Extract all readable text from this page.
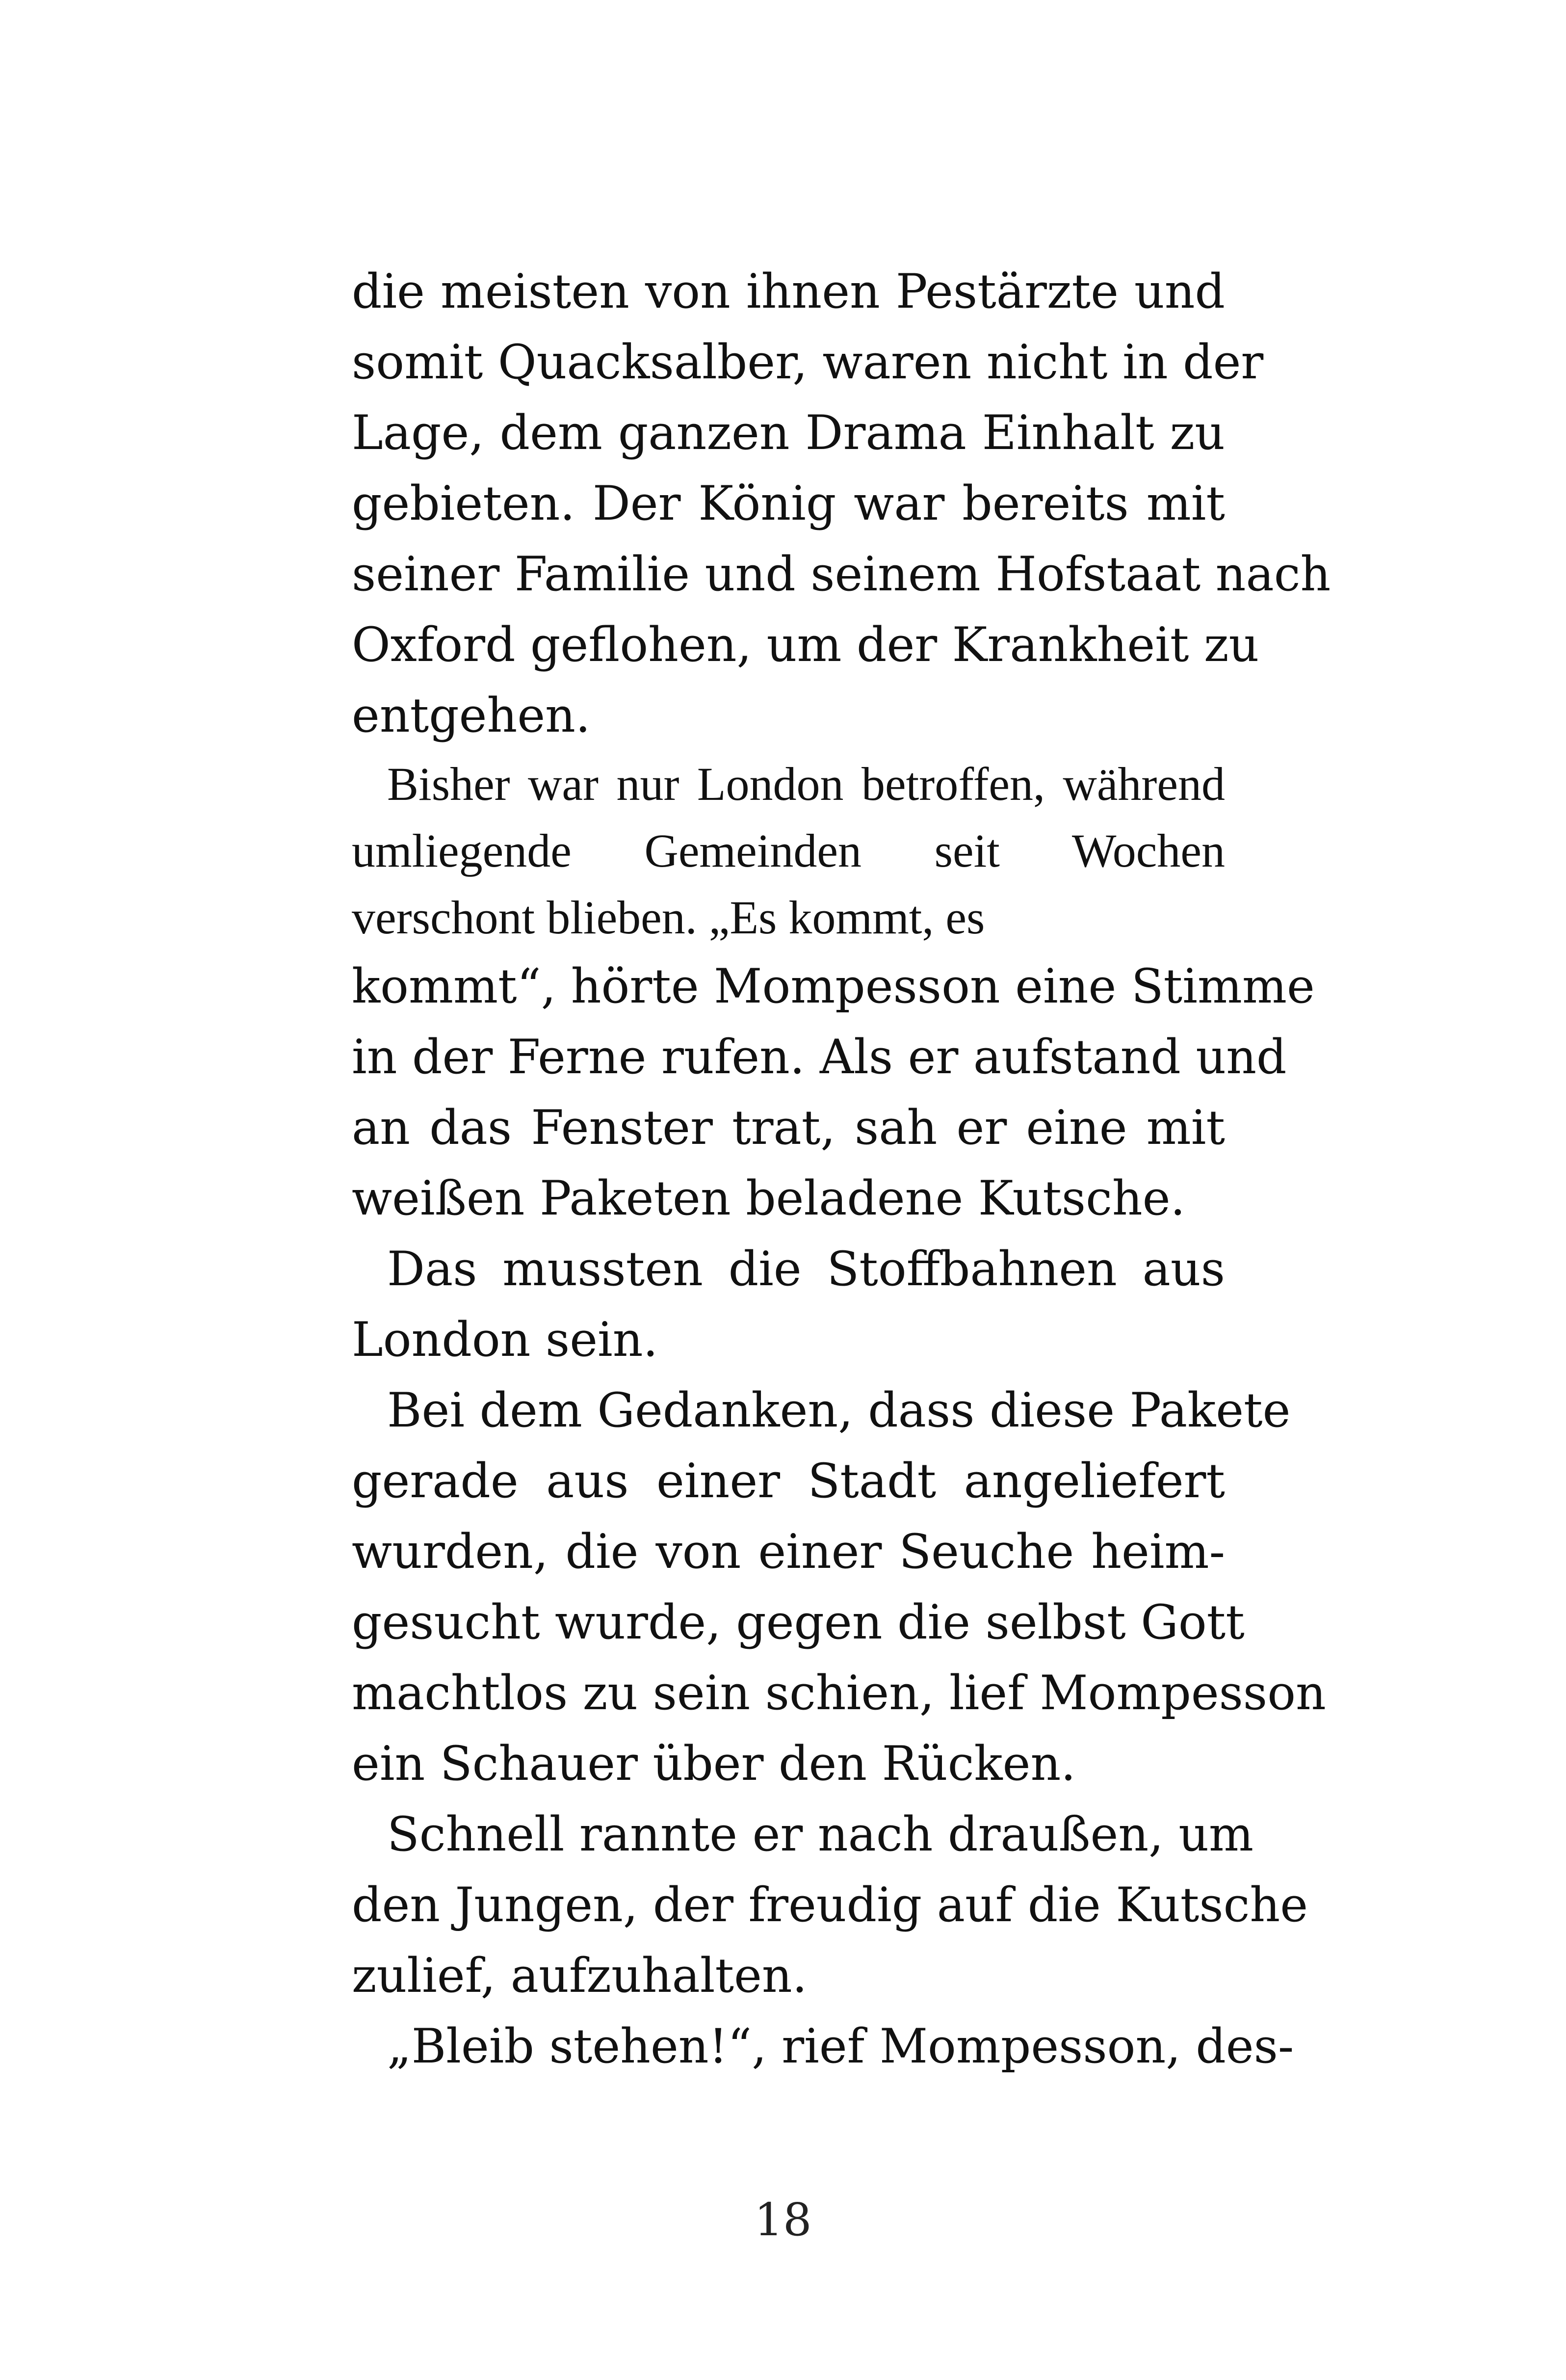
die meisten von ihnen Pestärzte und
somit Quacksalber, waren nicht in der
Lage, dem ganzen Drama Einhalt zu
gebieten. Der König war bereits mit
seiner Familie und seinem Hofstaat nach
Oxford geflohen, um der Krankheit zu
entgehen.
Bisher war nur London betroffen, während
umliegende Gemeinden seit Wochen
verschont blieben. „Es kommt, es
kommt“, hörte Mompesson eine Stimme
in der Ferne rufen. Als er aufstand und
an das Fenster trat, sah er eine mit
weißen Paketen beladene Kutsche.
Das mussten die Stoffbahnen aus
London sein.
Bei dem Gedanken, dass diese Pakete
gerade aus einer Stadt angeliefert
wurden, die von einer Seuche heim-
gesucht wurde, gegen die selbst Gott
machtlos zu sein schien, lief Mompesson
ein Schauer über den Rücken.
Schnell rannte er nach draußen, um
den Jungen, der freudig auf die Kutsche
zulief, aufzuhalten.
„Bleib stehen!“, rief Mompesson, des-
18
